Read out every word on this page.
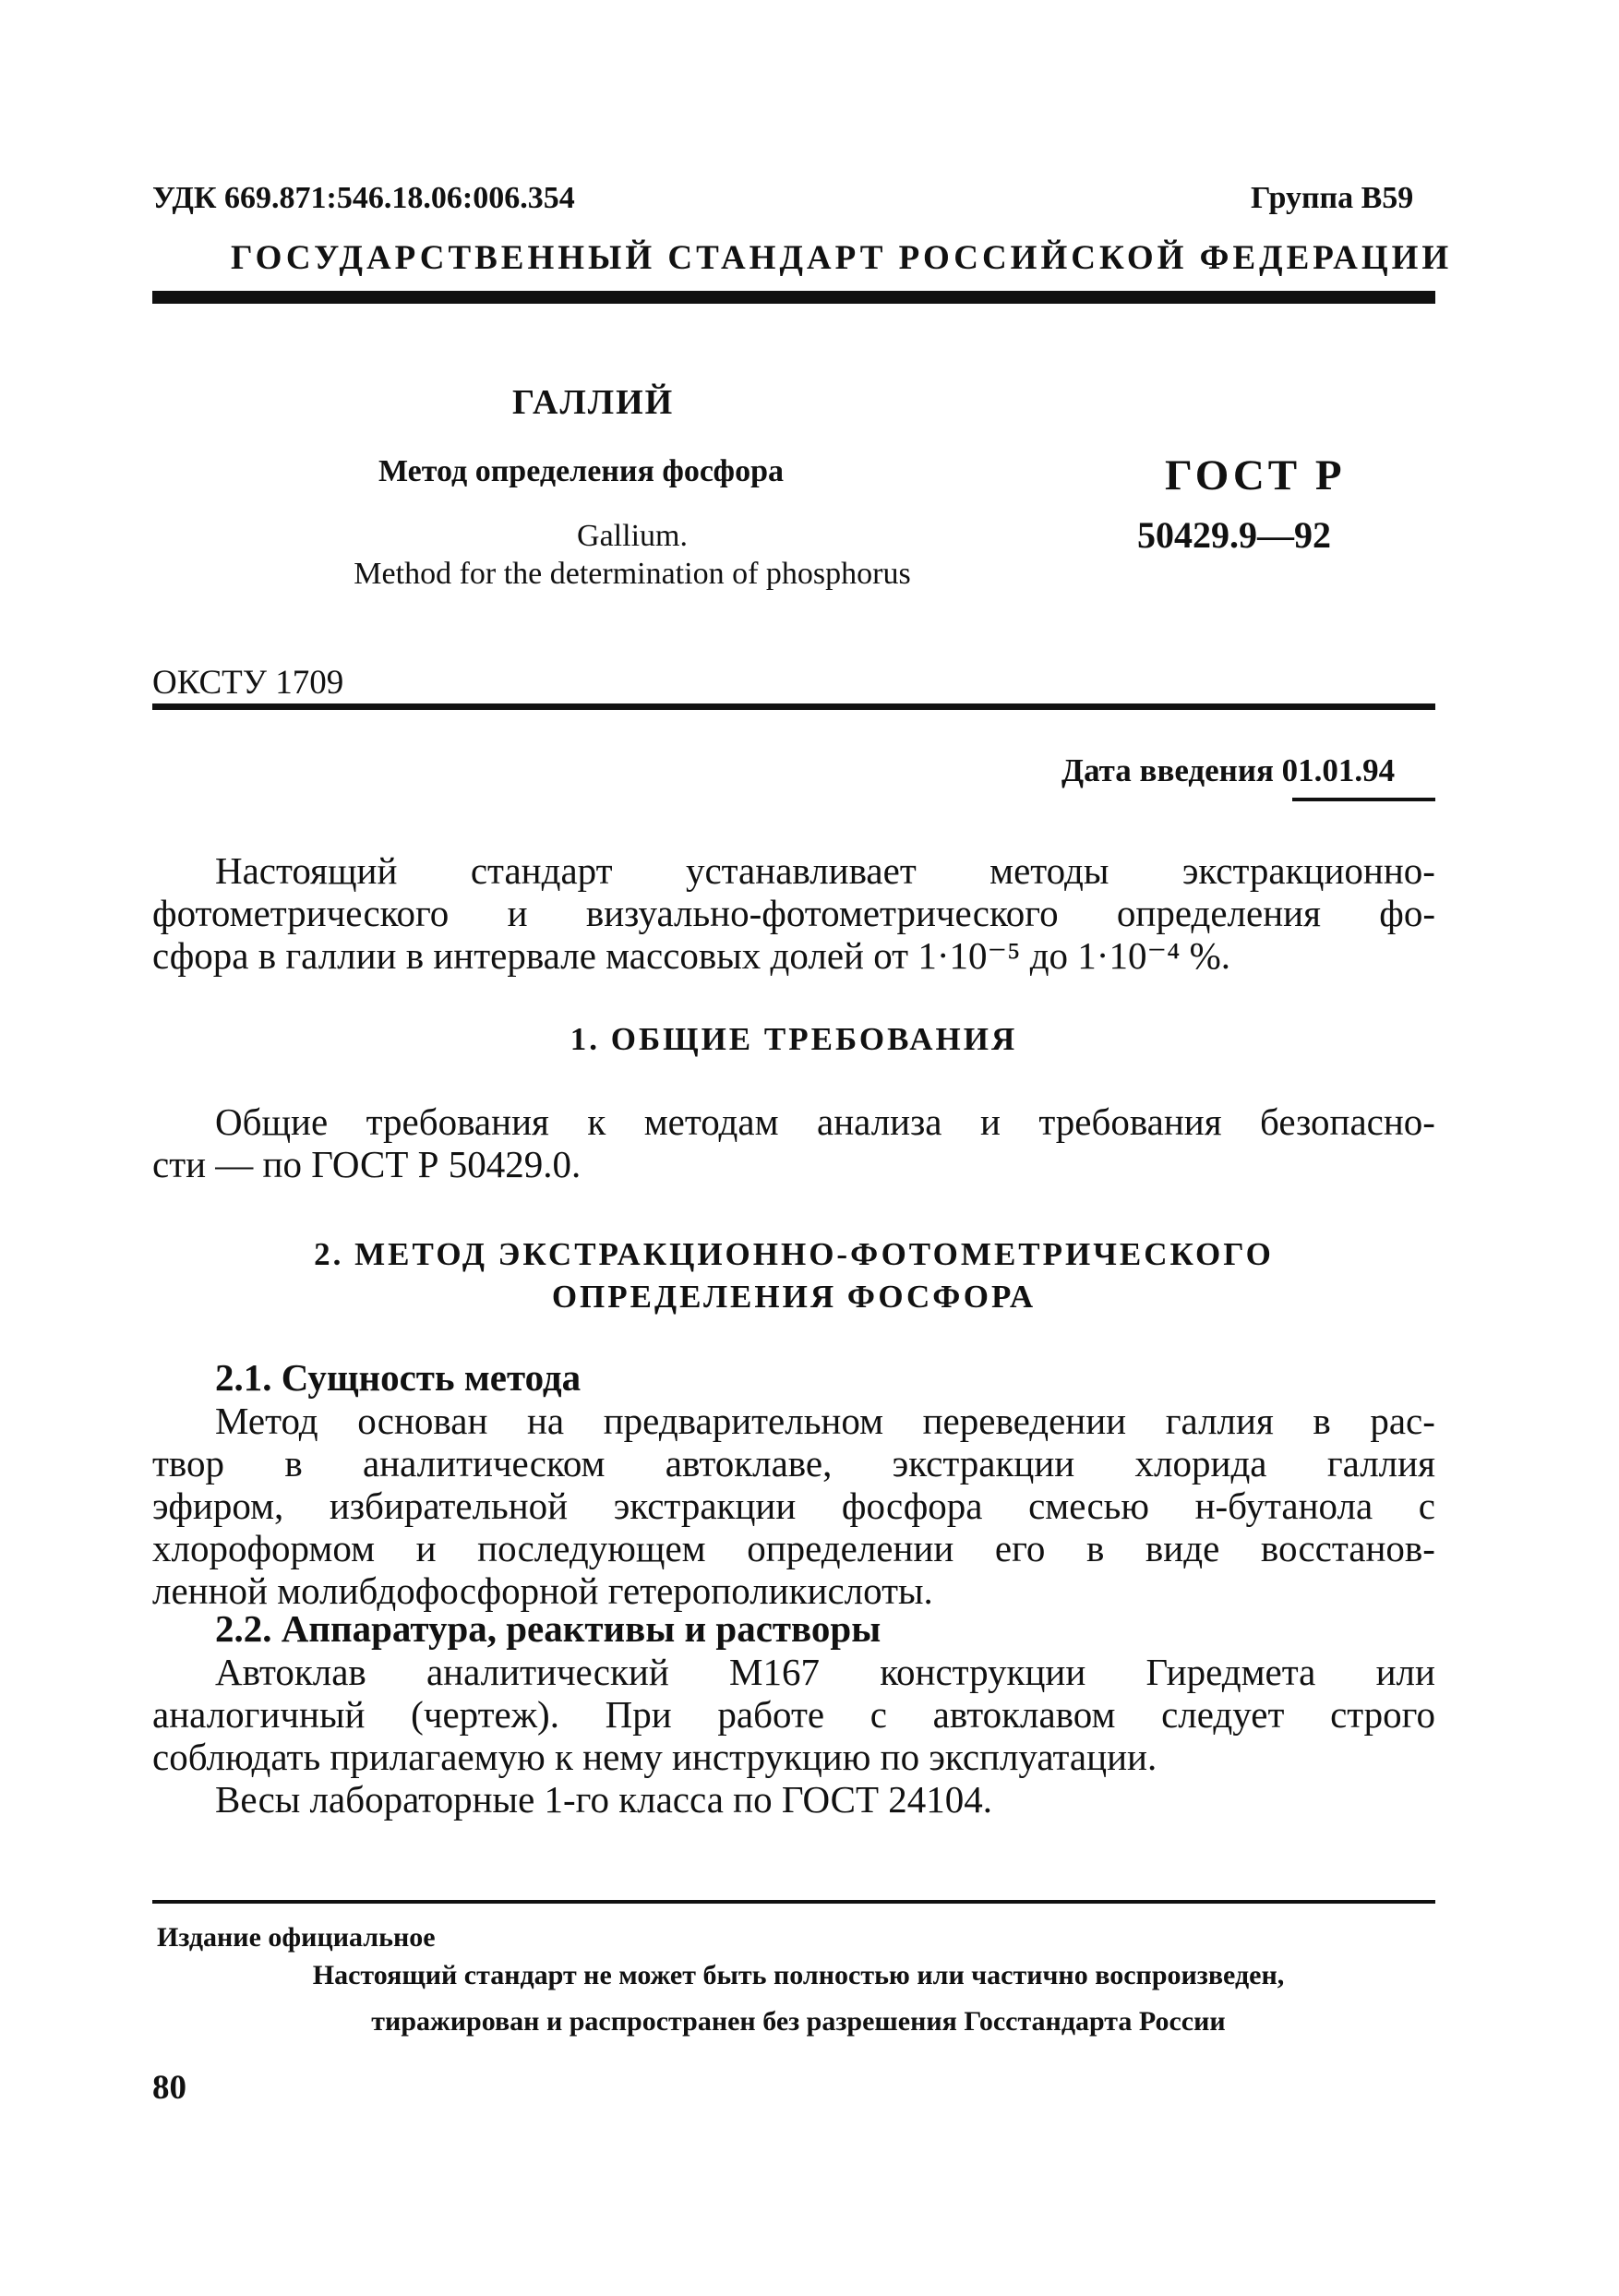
УДК 669.871:546.18.06:006.354	Группа В59
ГОСУДАРСТВЕННЫЙ СТАНДАРТ РОССИЙСКОЙ ФЕДЕРАЦИИ
ГАЛЛИЙ
Метод определения фосфора
Gallium.
Method for the determination of phosphorus
ГОСТ Р
50429.9—92
ОКСТУ 1709
Дата введения 01.01.94
Настоящий стандарт устанавливает методы экстракционно-
фотометрического и визуально-фотометрического определения фо-
сфора в галлии в интервале массовых долей от 1·10⁻⁵ до 1·10⁻⁴ %.
1. ОБЩИЕ ТРЕБОВАНИЯ
Общие требования к методам анализа и требования безопасно-
сти — по ГОСТ Р 50429.0.
2. МЕТОД ЭКСТРАКЦИОННО-ФОТОМЕТРИЧЕСКОГО
ОПРЕДЕЛЕНИЯ ФОСФОРА
2.1. Сущность метода
Метод основан на предварительном переведении галлия в рас-
твор в аналитическом автоклаве, экстракции хлорида галлия
эфиром, избирательной экстракции фосфора смесью н-бутанола с
хлороформом и последующем определении его в виде восстанов-
ленной молибдофосфорной гетерополикислоты.
2.2. Аппаратура, реактивы и растворы
Автоклав аналитический М167 конструкции Гиредмета или
аналогичный (чертеж). При работе с автоклавом следует строго
соблюдать прилагаемую к нему инструкцию по эксплуатации.
Весы лабораторные 1-го класса по ГОСТ 24104.
Издание официальное
Настоящий стандарт не может быть полностью или частично воспроизведен,
тиражирован и распространен без разрешения Госстандарта России
80
